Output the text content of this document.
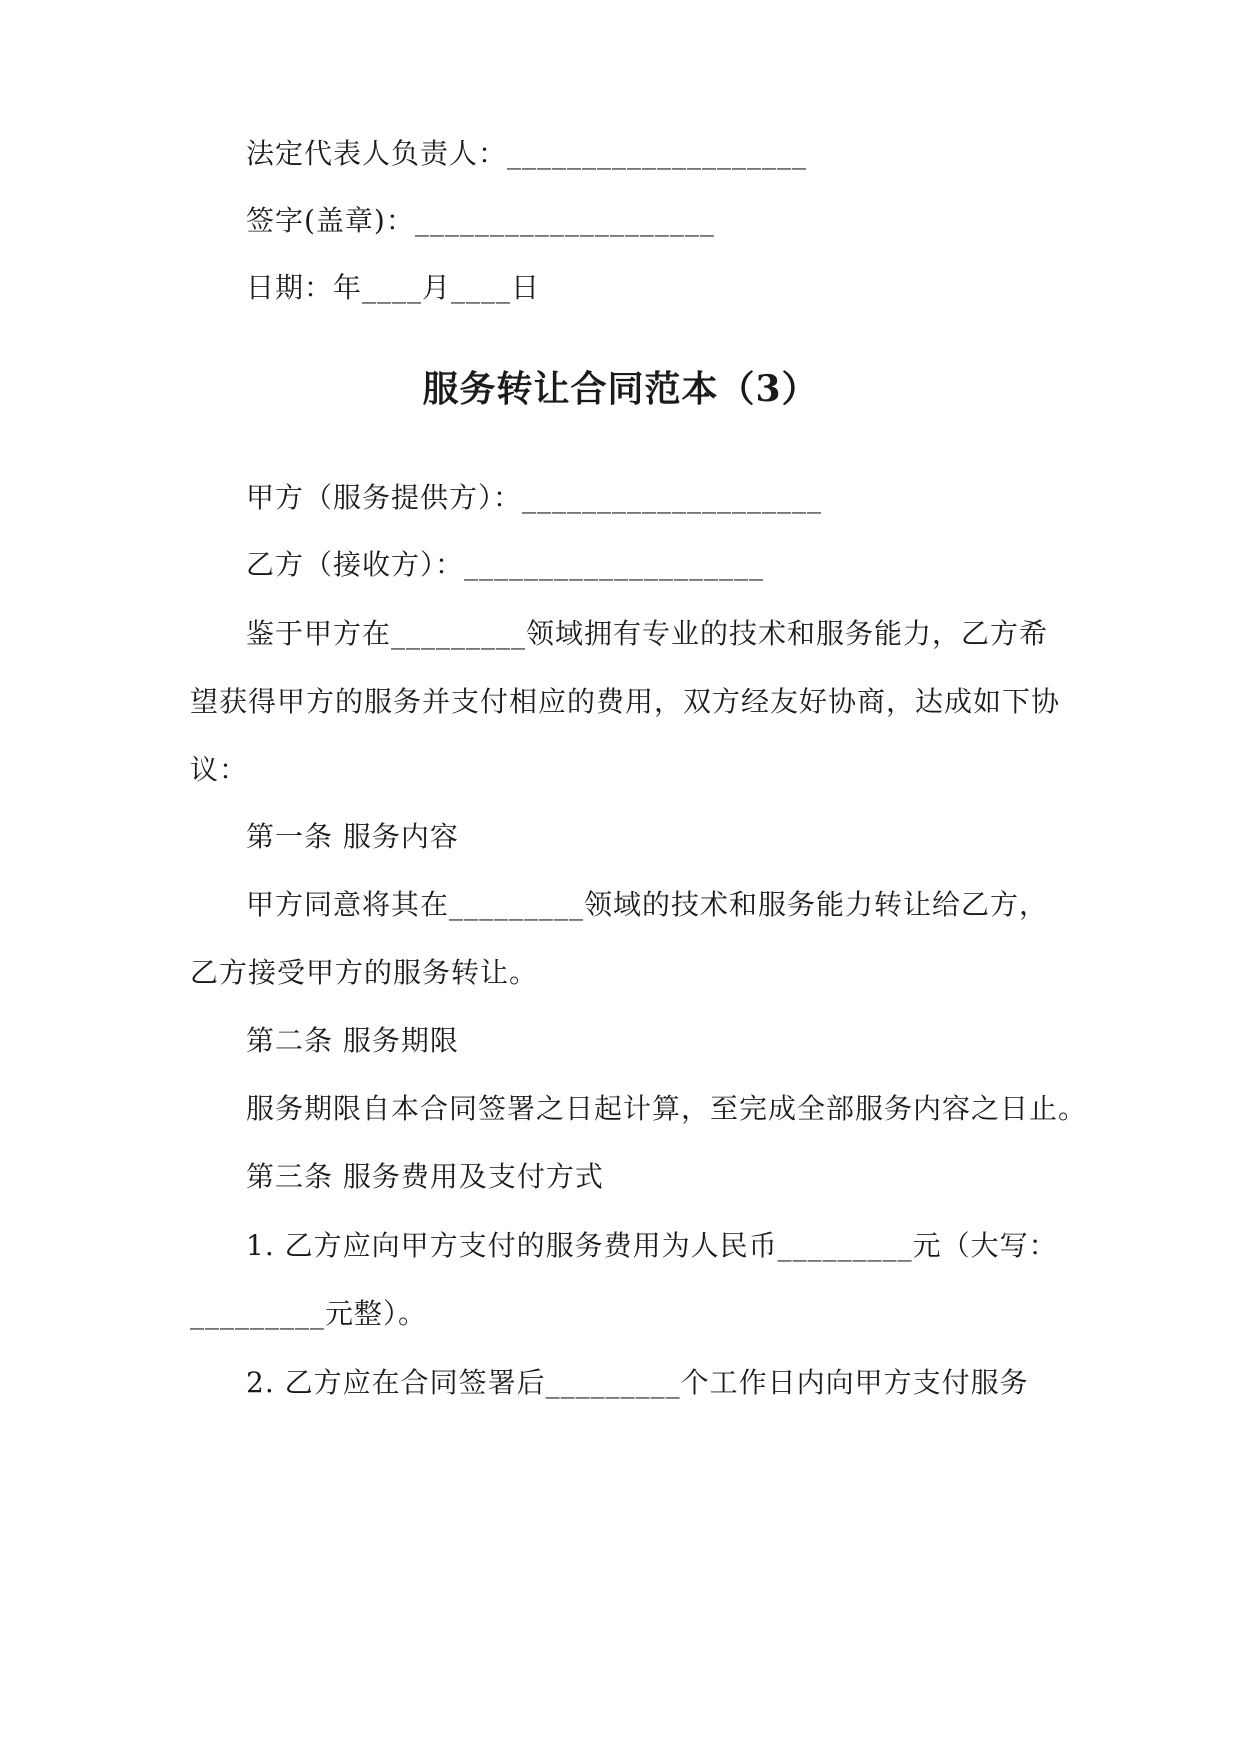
法定代表人负责人：____________________
签字(盖章)：____________________
日期：年____月____日
服务转让合同范本（3）
甲方（服务提供方）：____________________
乙方（接收方）：____________________
鉴于甲方在_________领域拥有专业的技术和服务能力，乙方希
望获得甲方的服务并支付相应的费用，双方经友好协商，达成如下协
议：
第一条 服务内容
甲方同意将其在_________领域的技术和服务能力转让给乙方，
乙方接受甲方的服务转让。
第二条 服务期限
服务期限自本合同签署之日起计算，至完成全部服务内容之日止。
第三条 服务费用及支付方式
1. 乙方应向甲方支付的服务费用为人民币_________元（大写：
_________元整）。
2. 乙方应在合同签署后_________个工作日内向甲方支付服务
